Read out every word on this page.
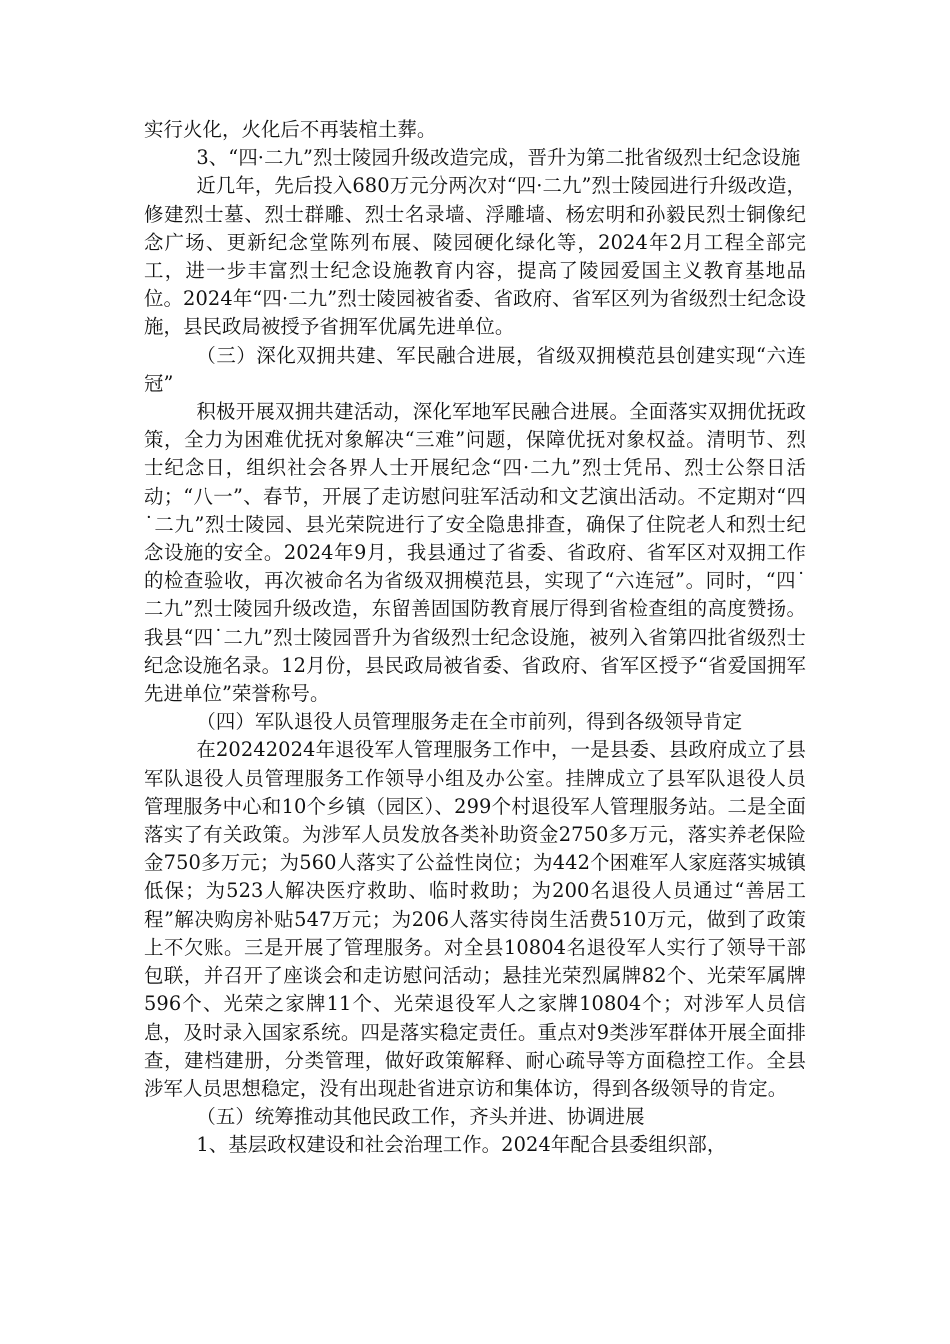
实行火化，火化后不再装棺土葬。

3、“四·二九”烈士陵园升级改造完成，晋升为第二批省级烈士纪念设施

近几年，先后投入680万元分两次对“四·二九”烈士陵园进行升级改造，修建烈士墓、烈士群雕、烈士名录墙、浮雕墙、杨宏明和孙毅民烈士铜像纪念广场、更新纪念堂陈列布展、陵园硬化绿化等，2024年2月工程全部完工，进一步丰富烈士纪念设施教育内容，提高了陵园爱国主义教育基地品位。2024年“四·二九”烈士陵园被省委、省政府、省军区列为省级烈士纪念设施，县民政局被授予省拥军优属先进单位。

（三）深化双拥共建、军民融合进展，省级双拥模范县创建实现“六连冠”

积极开展双拥共建活动，深化军地军民融合进展。全面落实双拥优抚政策，全力为困难优抚对象解决“三难”问题，保障优抚对象权益。清明节、烈士纪念日，组织社会各界人士开展纪念“四·二九”烈士凭吊、烈士公祭日活动；“八一”、春节，开展了走访慰问驻军活动和文艺演出活动。不定期对“四˙二九”烈士陵园、县光荣院进行了安全隐患排查，确保了住院老人和烈士纪念设施的安全。2024年9月，我县通过了省委、省政府、省军区对双拥工作的检查验收，再次被命名为省级双拥模范县，实现了“六连冠”。同时，“四˙二九”烈士陵园升级改造，东留善固国防教育展厅得到省检查组的高度赞扬。我县“四˙二九”烈士陵园晋升为省级烈士纪念设施，被列入省第四批省级烈士纪念设施名录。12月份，县民政局被省委、省政府、省军区授予“省爱国拥军先进单位”荣誉称号。

（四）军队退役人员管理服务走在全市前列，得到各级领导肯定

在20242024年退役军人管理服务工作中，一是县委、县政府成立了县军队退役人员管理服务工作领导小组及办公室。挂牌成立了县军队退役人员管理服务中心和10个乡镇（园区）、299个村退役军人管理服务站。二是全面落实了有关政策。为涉军人员发放各类补助资金2750多万元，落实养老保险金750多万元；为560人落实了公益性岗位；为442个困难军人家庭落实城镇低保；为523人解决医疗救助、临时救助；为200名退役人员通过“善居工程”解决购房补贴547万元；为206人落实待岗生活费510万元，做到了政策上不欠账。三是开展了管理服务。对全县10804名退役军人实行了领导干部包联，并召开了座谈会和走访慰问活动；悬挂光荣烈属牌82个、光荣军属牌596个、光荣之家牌11个、光荣退役军人之家牌10804个；对涉军人员信息，及时录入国家系统。四是落实稳定责任。重点对9类涉军群体开展全面排查，建档建册，分类管理，做好政策解释、耐心疏导等方面稳控工作。全县涉军人员思想稳定，没有出现赴省进京访和集体访，得到各级领导的肯定。

（五）统筹推动其他民政工作，齐头并进、协调进展

1、基层政权建设和社会治理工作。2024年配合县委组织部，
